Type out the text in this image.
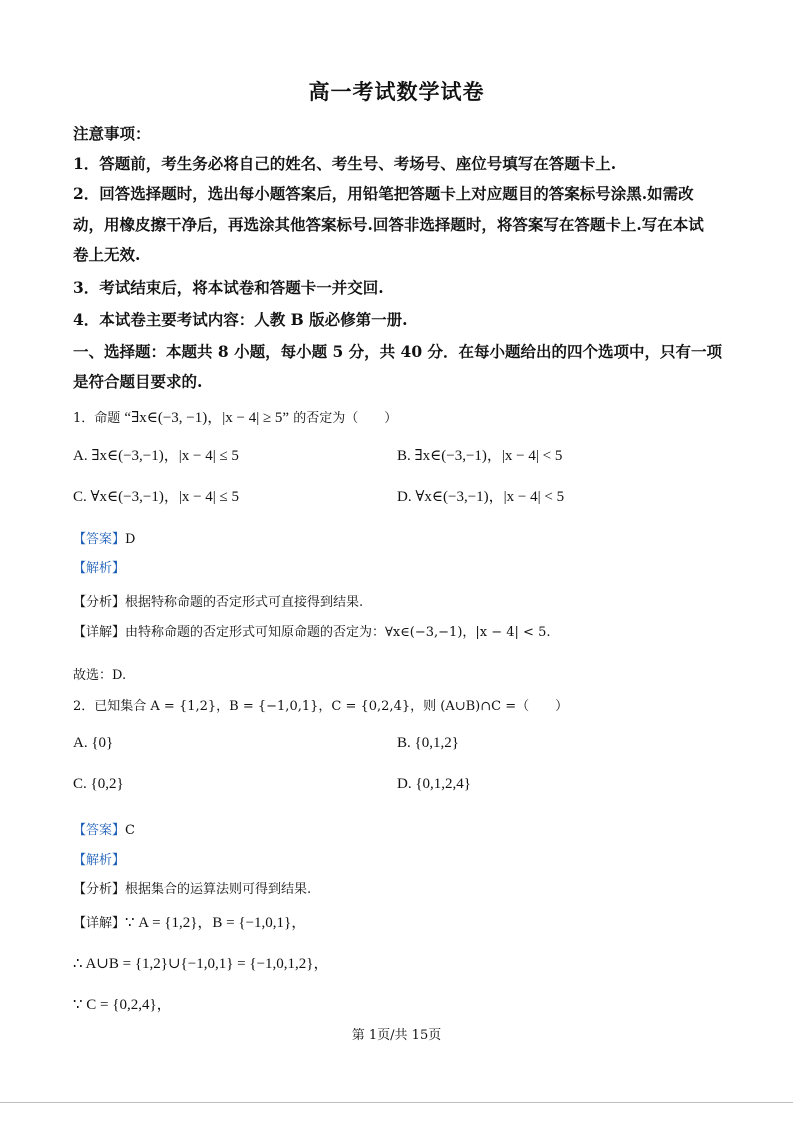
高一考试数学试卷
注意事项：
1．答题前，考生务必将自己的姓名、考生号、考场号、座位号填写在答题卡上.
2．回答选择题时，选出每小题答案后，用铅笔把答题卡上对应题目的答案标号涂黑.如需改
动，用橡皮擦干净后，再选涂其他答案标号.回答非选择题时，将答案写在答题卡上.写在本试
卷上无效.
3．考试结束后，将本试卷和答题卡一并交回.
4．本试卷主要考试内容：人教 B 版必修第一册.
一、选择题：本题共 8 小题，每小题 5 分，共 40 分．在每小题给出的四个选项中，只有一项
是符合题目要求的.
1．命题 “∃x∈(−3, −1)，|x − 4| ≥ 5” 的否定为（　　）
A. ∃x∈(−3,−1)，|x − 4| ≤ 5	B. ∃x∈(−3,−1)，|x − 4| < 5
C. ∀x∈(−3,−1)，|x − 4| ≤ 5	D. ∀x∈(−3,−1)，|x − 4| < 5
【答案】D
【解析】
【分析】根据特称命题的否定形式可直接得到结果.
【详解】由特称命题的否定形式可知原命题的否定为：∀x∈(−3,−1)，|x − 4| < 5.
故选：D.
2．已知集合 A = {1,2}，B = {−1,0,1}，C = {0,2,4}，则 (A∪B)∩C =（　　）
A. {0}	B. {0,1,2}
C. {0,2}	D. {0,1,2,4}
【答案】C
【解析】
【分析】根据集合的运算法则可得到结果.
【详解】∵ A = {1,2}，B = {−1,0,1}，
∴ A∪B = {1,2}∪{−1,0,1} = {−1,0,1,2}，
∵ C = {0,2,4}，
第 1页/共 15页
